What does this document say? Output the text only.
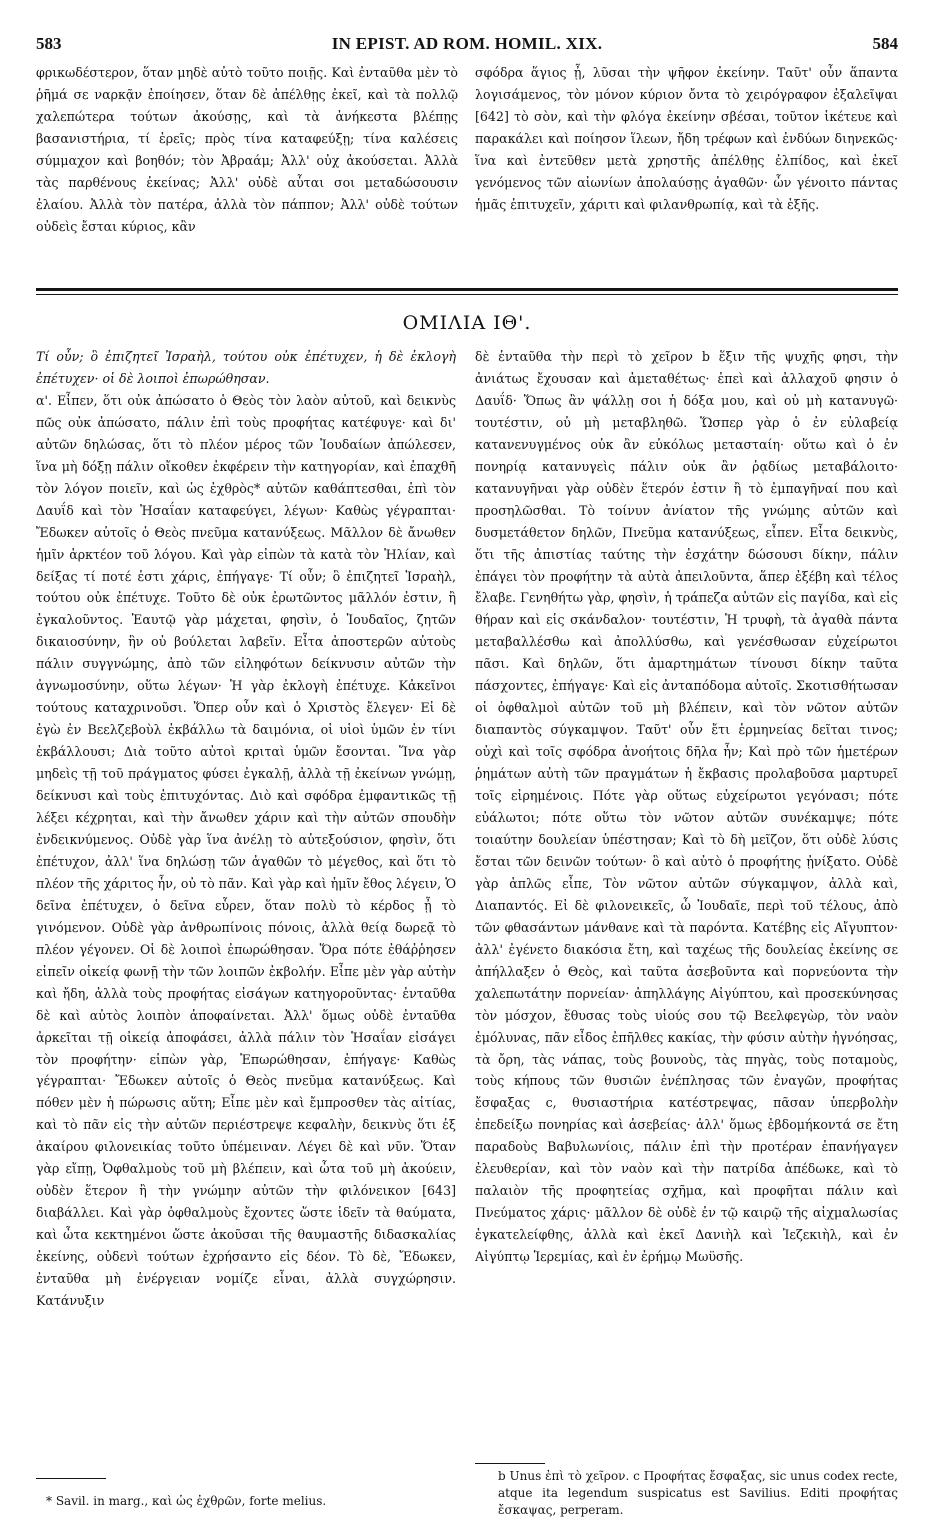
583	IN EPIST. AD ROM. HOMIL. XIX.	584

φρικωδέστερον, ὅταν μηδὲ αὐτὸ τοῦτο ποιῇς. Καὶ ἐνταῦθα μὲν τὸ ῥῆμά σε ναρκᾷν ἐποίησεν, ὅταν δὲ ἀπέλθῃς ἐκεῖ, καὶ τὰ πολλῷ χαλεπώτερα τούτων ἀκούσῃς, καὶ τὰ ἀνήκεστα βλέπῃς βασανιστήρια, τί ἐρεῖς; πρὸς τίνα καταφεύξῃ; τίνα καλέσεις σύμμαχον καὶ βοηθόν; τὸν Ἀβραάμ; Ἀλλ' οὐχ ἀκούσεται. Ἀλλὰ τὰς παρθένους ἐκείνας; Ἀλλ' οὐδὲ αὗται σοι μεταδώσουσιν ἐλαίου. Ἀλλὰ τὸν πατέρα, ἀλλὰ τὸν πάππον; Ἀλλ' οὐδὲ τούτων οὐδεὶς ἔσται κύριος, κἂν

σφόδρα ἅγιος ᾖ, λῦσαι τὴν ψῆφον ἐκείνην. Ταῦτ' οὖν ἅπαντα λογισάμενος, τὸν μόνον κύριον ὄντα τὸ χειρόγραφον ἐξαλεῖψαι [642] τὸ σὸν, καὶ τὴν φλόγα ἐκείνην σβέσαι, τοῦτον ἱκέτευε καὶ παρακάλει καὶ ποίησον ἵλεων, ἤδη τρέφων καὶ ἐνδύων διηνεκῶς· ἵνα καὶ ἐντεῦθεν μετὰ χρηστῆς ἀπέλθῃς ἐλπίδος, καὶ ἐκεῖ γενόμενος τῶν αἰωνίων ἀπολαύσῃς ἀγαθῶν· ὧν γένοιτο πάντας ἡμᾶς ἐπιτυχεῖν, χάριτι καὶ φιλανθρωπίᾳ, καὶ τὰ ἑξῆς.

ΟΜΙΛΙΑ ΙΘ'.

Τί οὖν; ὃ ἐπιζητεῖ Ἰσραὴλ, τούτου οὐκ ἐπέτυχεν, ἡ δὲ ἐκλογὴ ἐπέτυχεν· οἱ δὲ λοιποὶ ἐπωρώθησαν.

α'. Εἶπεν, ὅτι οὐκ ἀπώσατο ὁ Θεὸς τὸν λαὸν αὐτοῦ, καὶ δεικνὺς πῶς οὐκ ἀπώσατο, πάλιν ἐπὶ τοὺς προφήτας κατέφυγε· καὶ δι' αὐτῶν δηλώσας, ὅτι τὸ πλέον μέρος τῶν Ἰουδαίων ἀπώλεσεν, ἵνα μὴ δόξῃ πάλιν οἴκοθεν ἐκφέρειν τὴν κατηγορίαν, καὶ ἐπαχθῆ τὸν λόγον ποιεῖν, καὶ ὡς ἐχθρὸς* αὐτῶν καθάπτεσθαι, ἐπὶ τὸν Δαυΐδ καὶ τὸν Ἡσαΐαν καταφεύγει, λέγων· Καθὼς γέγραπται· Ἔδωκεν αὐτοῖς ὁ Θεὸς πνεῦμα κατανύξεως. Μᾶλλον δὲ ἄνωθεν ἡμῖν ἀρκτέον τοῦ λόγου. Καὶ γὰρ εἰπὼν τὰ κατὰ τὸν Ἠλίαν, καὶ δείξας τί ποτέ ἐστι χάρις, ἐπήγαγε· Τί οὖν; ὃ ἐπιζητεῖ Ἰσραὴλ, τούτου οὐκ ἐπέτυχε. Τοῦτο δὲ οὐκ ἐρωτῶντος μᾶλλόν ἐστιν, ἢ ἐγκαλοῦντος. Ἑαυτῷ γὰρ μάχεται, φησὶν, ὁ Ἰουδαῖος, ζητῶν δικαιοσύνην, ἣν οὐ βούλεται λαβεῖν. Εἶτα ἀποστερῶν αὐτοὺς πάλιν συγγνώμης, ἀπὸ τῶν εἰληφότων δείκνυσιν αὐτῶν τὴν ἀγνωμοσύνην, οὕτω λέγων· Ἡ γὰρ ἐκλογὴ ἐπέτυχε. Κἀκεῖνοι τούτους καταχρινοῦσι. Ὅπερ οὖν καὶ ὁ Χριστὸς ἔλεγεν· Εἰ δὲ ἐγὼ ἐν Βεελζεβοὺλ ἐκβάλλω τὰ δαιμόνια, οἱ υἱοὶ ὑμῶν ἐν τίνι ἐκβάλλουσι; Διὰ τοῦτο αὐτοὶ κριταὶ ὑμῶν ἔσονται. Ἵνα γὰρ μηδεὶς τῇ τοῦ πράγματος φύσει ἐγκαλῇ, ἀλλὰ τῇ ἐκείνων γνώμῃ, δείκνυσι καὶ τοὺς ἐπιτυχόντας. Διὸ καὶ σφόδρα ἐμφαντικῶς τῇ λέξει κέχρηται, καὶ τὴν ἄνωθεν χάριν καὶ τὴν αὐτῶν σπουδὴν ἐνδεικνύμενος. Οὐδὲ γὰρ ἵνα ἀνέλῃ τὸ αὐτεξούσιον, φησὶν, ὅτι ἐπέτυχον, ἀλλ' ἵνα δηλώσῃ τῶν ἀγαθῶν τὸ μέγεθος, καὶ ὅτι τὸ πλέον τῆς χάριτος ἦν, οὐ τὸ πᾶν. Καὶ γὰρ καὶ ἡμῖν ἔθος λέγειν, Ὁ δεῖνα ἐπέτυχεν, ὁ δεῖνα εὗρεν, ὅταν πολὺ τὸ κέρδος ᾖ τὸ γινόμενον. Οὐδὲ γὰρ ἀνθρωπίνοις πόνοις, ἀλλὰ θείᾳ δωρεᾷ τὸ πλέον γέγονεν. Οἱ δὲ λοιποὶ ἐπωρώθησαν. Ὅρα πότε ἐθάῤῥησεν εἰπεῖν οἰκείᾳ φωνῇ τὴν τῶν λοιπῶν ἐκβολήν. Εἶπε μὲν γὰρ αὐτὴν καὶ ἤδη, ἀλλὰ τοὺς προφήτας εἰσάγων κατηγοροῦντας· ἐνταῦθα δὲ καὶ αὐτὸς λοιπὸν ἀποφαίνεται. Ἀλλ' ὅμως οὐδὲ ἐνταῦθα ἀρκεῖται τῇ οἰκείᾳ ἀποφάσει, ἀλλὰ πάλιν τὸν Ἡσαΐαν εἰσάγει τὸν προφήτην· εἰπὼν γὰρ, Ἐπωρώθησαν, ἐπήγαγε· Καθὼς γέγραπται· Ἔδωκεν αὐτοῖς ὁ Θεὸς πνεῦμα κατανύξεως. Καὶ πόθεν μὲν ἡ πώρωσις αὕτη; Εἶπε μὲν καὶ ἔμπροσθεν τὰς αἰτίας, καὶ τὸ πᾶν εἰς τὴν αὐτῶν περιέστρεψε κεφαλὴν, δεικνὺς ὅτι ἐξ ἀκαίρου φιλονεικίας τοῦτο ὑπέμειναν. Λέγει δὲ καὶ νῦν. Ὅταν γὰρ εἴπῃ, Ὀφθαλμοὺς τοῦ μὴ βλέπειν, καὶ ὦτα τοῦ μὴ ἀκούειν, οὐδὲν ἕτερον ἢ τὴν γνώμην αὐτῶν τὴν φιλόνεικον [643] διαβάλλει. Καὶ γὰρ ὀφθαλμοὺς ἔχοντες ὥστε ἰδεῖν τὰ θαύματα, καὶ ὦτα κεκτημένοι ὥστε ἀκοῦσαι τῆς θαυμαστῆς διδασκαλίας ἐκείνης, οὐδενὶ τούτων ἐχρήσαντο εἰς δέον. Τὸ δὲ, Ἔδωκεν, ἐνταῦθα μὴ ἐνέργειαν νομίζε εἶναι, ἀλλὰ συγχώρησιν. Κατάνυξιν

δὲ ἐνταῦθα τὴν περὶ τὸ χεῖρον b ἕξιν τῆς ψυχῆς φησι, τὴν ἀνιάτως ἔχουσαν καὶ ἀμεταθέτως· ἐπεὶ καὶ ἀλλαχοῦ φησιν ὁ Δαυΐδ· Ὅπως ἂν ψάλλῃ σοι ἡ δόξα μου, καὶ οὐ μὴ κατανυγῶ· τουτέστιν, οὐ μὴ μεταβληθῶ. Ὥσπερ γὰρ ὁ ἐν εὐλαβείᾳ κατανενυγμένος οὐκ ἂν εὐκόλως μετασταίη· οὕτω καὶ ὁ ἐν πονηρίᾳ κατανυγεὶς πάλιν οὐκ ἂν ῥᾳδίως μεταβάλοιτο· κατανυγῆναι γὰρ οὐδὲν ἕτερόν ἐστιν ἢ τὸ ἐμπαγῆναί που καὶ προσηλῶσθαι. Τὸ τοίνυν ἀνίατον τῆς γνώμης αὐτῶν καὶ δυσμετάθετον δηλῶν, Πνεῦμα κατανύξεως, εἶπεν. Εἶτα δεικνὺς, ὅτι τῆς ἀπιστίας ταύτης τὴν ἐσχάτην δώσουσι δίκην, πάλιν ἐπάγει τὸν προφήτην τὰ αὐτὰ ἀπειλοῦντα, ἅπερ ἐξέβη καὶ τέλος ἔλαβε. Γενηθήτω γὰρ, φησὶν, ἡ τράπεζα αὐτῶν εἰς παγίδα, καὶ εἰς θήραν καὶ εἰς σκάνδαλον· τουτέστιν, Ἡ τρυφὴ, τὰ ἀγαθὰ πάντα μεταβαλλέσθω καὶ ἀπολλύσθω, καὶ γενέσθωσαν εὐχείρωτοι πᾶσι. Καὶ δηλῶν, ὅτι ἁμαρτημάτων τίνουσι δίκην ταῦτα πάσχοντες, ἐπήγαγε· Καὶ εἰς ἀνταπόδομα αὐτοῖς. Σκοτισθήτωσαν οἱ ὀφθαλμοὶ αὐτῶν τοῦ μὴ βλέπειν, καὶ τὸν νῶτον αὐτῶν διαπαντὸς σύγκαμψον. Ταῦτ' οὖν ἔτι ἑρμηνείας δεῖται τινος; οὐχὶ καὶ τοῖς σφόδρα ἀνοήτοις δῆλα ἦν; Καὶ πρὸ τῶν ἡμετέρων ῥημάτων αὐτὴ τῶν πραγμάτων ἡ ἔκβασις προλαβοῦσα μαρτυρεῖ τοῖς εἰρημένοις. Πότε γὰρ οὕτως εὐχείρωτοι γεγόνασι; πότε εὐάλωτοι; πότε οὕτω τὸν νῶτον αὐτῶν συνέκαμψε; πότε τοιαύτην δουλείαν ὑπέστησαν; Καὶ τὸ δὴ μεῖζον, ὅτι οὐδὲ λύσις ἔσται τῶν δεινῶν τούτων· ὃ καὶ αὐτὸ ὁ προφήτης ᾐνίξατο. Οὐδὲ γὰρ ἁπλῶς εἶπε, Τὸν νῶτον αὐτῶν σύγκαμψον, ἀλλὰ καὶ, Διαπαντός. Εἰ δὲ φιλονεικεῖς, ὦ Ἰουδαῖε, περὶ τοῦ τέλους, ἀπὸ τῶν φθασάντων μάνθανε καὶ τὰ παρόντα. Κατέβης εἰς Αἴγυπτον· ἀλλ' ἐγένετο διακόσια ἔτη, καὶ ταχέως τῆς δουλείας ἐκείνης σε ἀπήλλαξεν ὁ Θεὸς, καὶ ταῦτα ἀσεβοῦντα καὶ πορνεύοντα τὴν χαλεπωτάτην πορνείαν· ἀπηλλάγης Αἰγύπτου, καὶ προσεκύνησας τὸν μόσχον, ἔθυσας τοὺς υἱούς σου τῷ Βεελφεγὼρ, τὸν ναὸν ἐμόλυνας, πᾶν εἶδος ἐπῆλθες κακίας, τὴν φύσιν αὐτὴν ἠγνόησας, τὰ ὄρη, τὰς νάπας, τοὺς βουνοὺς, τὰς πηγὰς, τοὺς ποταμοὺς, τοὺς κήπους τῶν θυσιῶν ἐνέπλησας τῶν ἐναγῶν, προφήτας ἔσφαξας c, θυσιαστήρια κατέστρεψας, πᾶσαν ὑπερβολὴν ἐπεδείξω πονηρίας καὶ ἀσεβείας· ἀλλ' ὅμως ἑβδομήκοντά σε ἔτη παραδοὺς Βαβυλωνίοις, πάλιν ἐπὶ τὴν προτέραν ἐπανήγαγεν ἐλευθερίαν, καὶ τὸν ναὸν καὶ τὴν πατρίδα ἀπέδωκε, καὶ τὸ παλαιὸν τῆς προφητείας σχῆμα, καὶ προφῆται πάλιν καὶ Πνεύματος χάρις· μᾶλλον δὲ οὐδὲ ἐν τῷ καιρῷ τῆς αἰχμαλωσίας ἐγκατελείφθης, ἀλλὰ καὶ ἐκεῖ Δανιὴλ καὶ Ἰεζεκιὴλ, καὶ ἐν Αἰγύπτῳ Ἱερεμίας, καὶ ἐν ἐρήμῳ Μωϋσῆς.

* Savil. in marg., καὶ ὡς ἐχθρῶν, forte melius.
b Unus ἐπὶ τὸ χεῖρον. c Προφήτας ἔσφαξας, sic unus codex recte, atque ita legendum suspicatus est Savilius. Editi προφήτας ἔσκαψας, perperam.
